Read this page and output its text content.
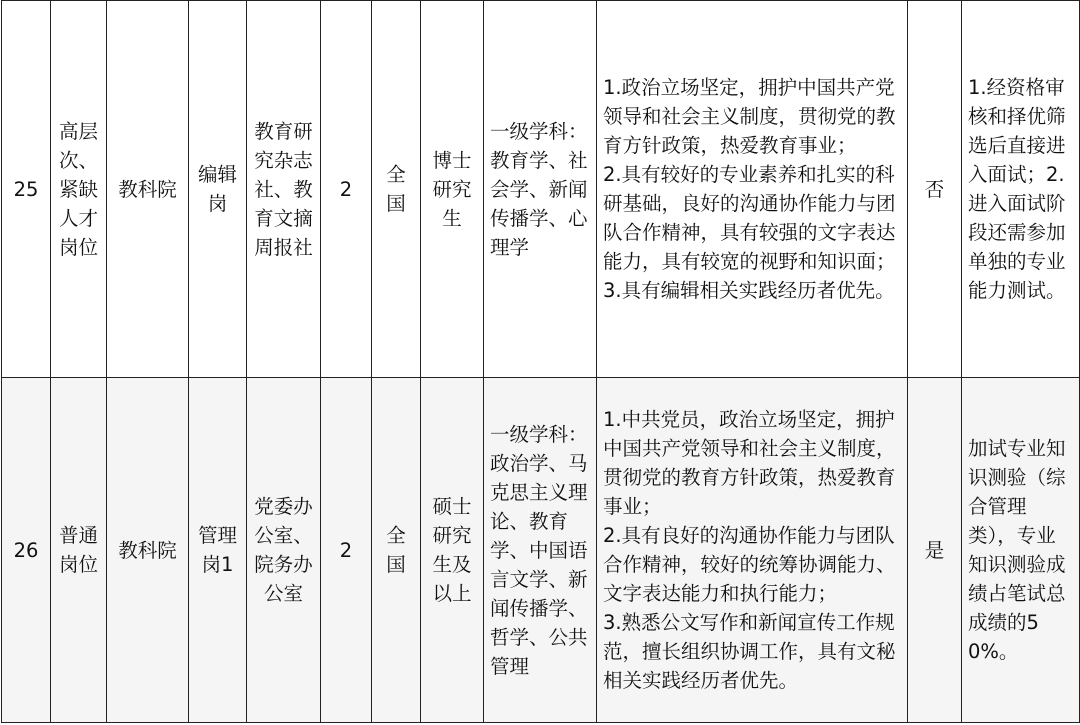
25	高层次、紧缺人才岗位	教科院	编辑岗	教育研究杂志社、教育文摘周报社	2	全国	博士研究生	一级学科：教育学、社会学、新闻传播学、心理学	1.政治立场坚定，拥护中国共产党领导和社会主义制度，贯彻党的教育方针政策，热爱教育事业；
2.具有较好的专业素养和扎实的科研基础，良好的沟通协作能力与团队合作精神，具有较强的文字表达能力，具有较宽的视野和知识面；
3.具有编辑相关实践经历者优先。	否	1.经资格审核和择优筛选后直接进入面试；2.进入面试阶段还需参加单独的专业能力测试。

26	普通岗位	教科院	管理岗1	党委办公室、院务办公室	2	全国	硕士研究生及以上	一级学科：政治学、马克思主义理论、教育学、中国语言文学、新闻传播学、哲学、公共管理	1.中共党员，政治立场坚定，拥护中国共产党领导和社会主义制度，贯彻党的教育方针政策，热爱教育事业；
2.具有良好的沟通协作能力与团队合作精神，较好的统筹协调能力、文字表达能力和执行能力；
3.熟悉公文写作和新闻宣传工作规范，擅长组织协调工作，具有文秘相关实践经历者优先。	是	加试专业知识测验（综合管理类），专业知识测验成绩占笔试总成绩的50%。
